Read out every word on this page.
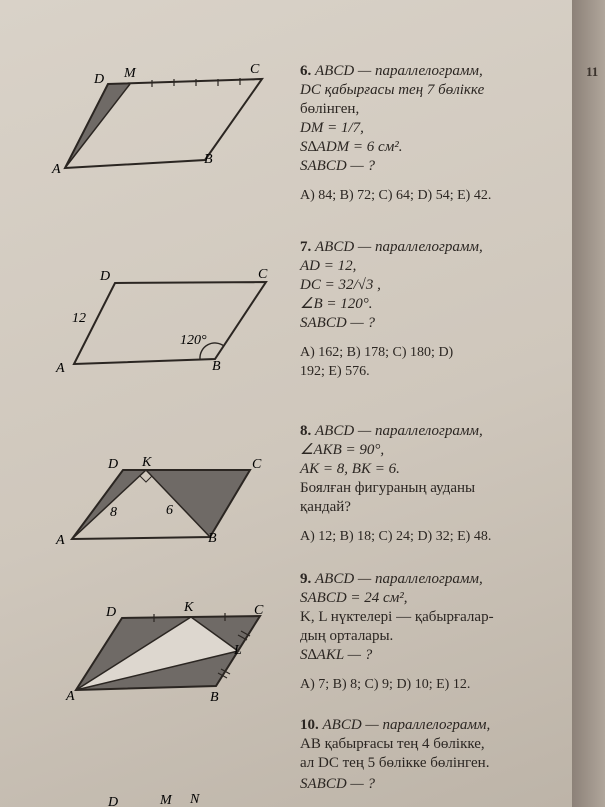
D M	C
A
B
D	C
12
120°
A	B
D K	C
8	6
A	B
D	K	C
L
A	B
D	M N
6. ABCD — параллелограмм,
DC қабырғасы тең 7 бөлікке
бөлінген,
DM = 1/7,
S∆ADM = 6 см².
SABCD — ?
A) 84; B) 72; C) 64; D) 54; E) 42.
7. ABCD — параллелограмм,
AD = 12,
DC = 32/√3 ,
∠B = 120°.
SABCD — ?
A) 162; B) 178; C) 180; D) 192; E) 576.
8. ABCD — параллелограмм,
∠AKB = 90°,
AK = 8, BK = 6.
Боялған фигураның ауданы
қандай?
A) 12; B) 18; C) 24; D) 32; E) 48.
9. ABCD — параллелограмм,
SABCD = 24 см²,
K, L нүктелері — қабырғалар-
дың орталары.
S∆AKL — ?
A) 7; B) 8; C) 9; D) 10; E) 12.
10. ABCD — параллелограмм,
AB қабырғасы тең 4 бөлікке,
ал DC тең 5 бөлікке бөлінген.
SABCD — ?
11
